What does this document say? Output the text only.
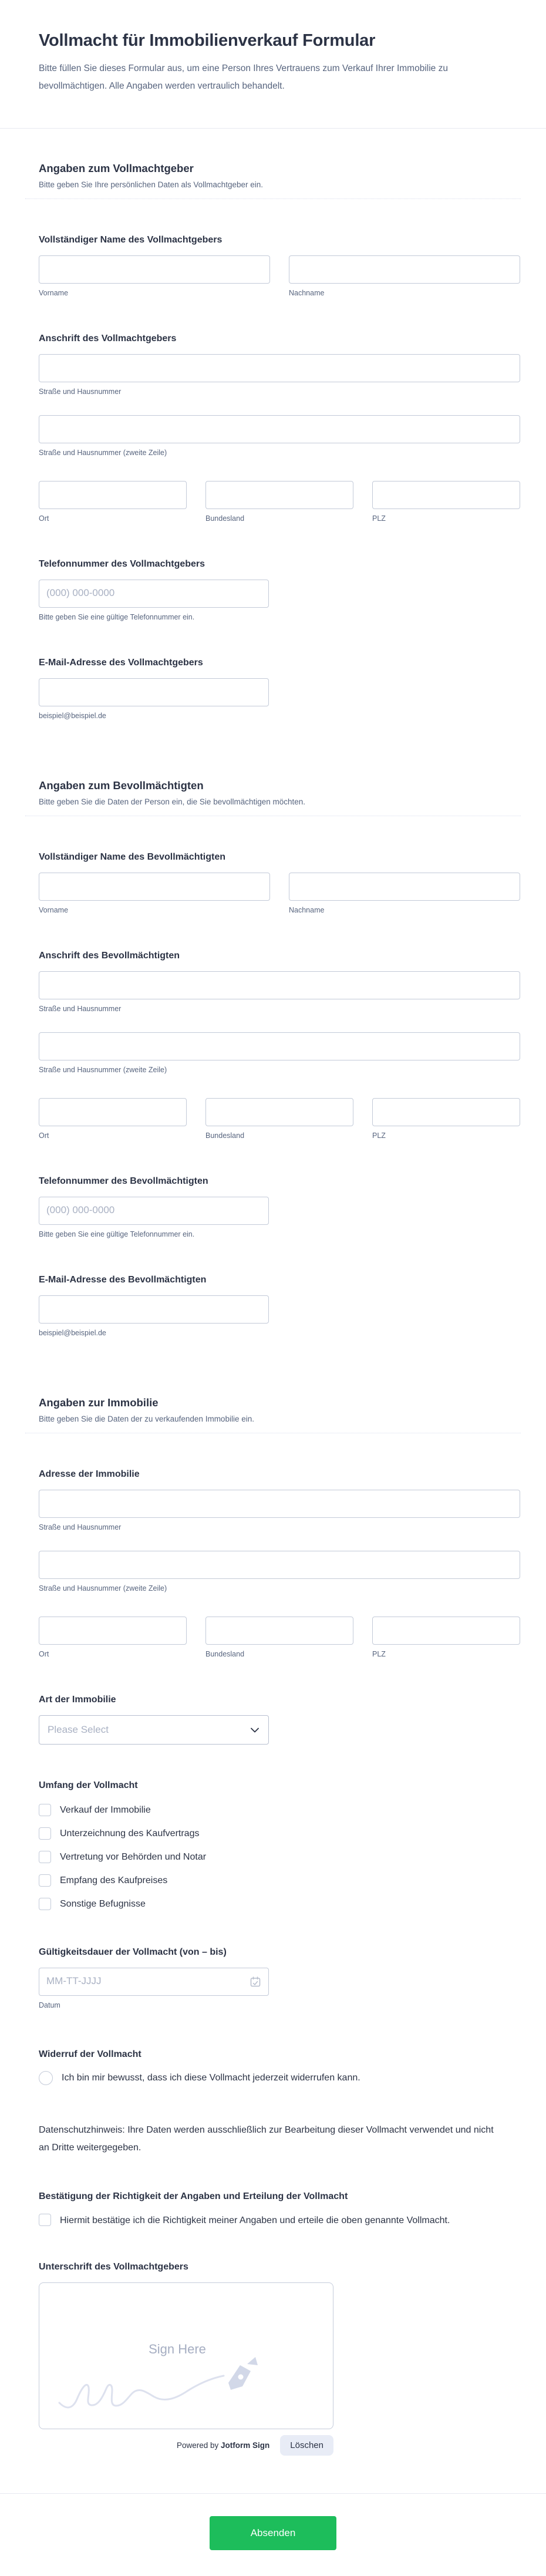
Vollmacht für Immobilienverkauf Formular
Bitte füllen Sie dieses Formular aus, um eine Person Ihres Vertrauens zum Verkauf Ihrer Immobilie zu bevollmächtigen. Alle Angaben werden vertraulich behandelt.
Angaben zum Vollmachtgeber
Bitte geben Sie Ihre persönlichen Daten als Vollmachtgeber ein.
Vollständiger Name des Vollmachtgebers
Vorname	Nachname
Anschrift des Vollmachtgebers
Straße und Hausnummer
Straße und Hausnummer (zweite Zeile)
Ort	Bundesland	PLZ
Telefonnummer des Vollmachtgebers
(000) 000-0000
Bitte geben Sie eine gültige Telefonnummer ein.
E-Mail-Adresse des Vollmachtgebers
beispiel@beispiel.de
Angaben zum Bevollmächtigten
Bitte geben Sie die Daten der Person ein, die Sie bevollmächtigen möchten.
Vollständiger Name des Bevollmächtigten
Vorname	Nachname
Anschrift des Bevollmächtigten
Straße und Hausnummer
Straße und Hausnummer (zweite Zeile)
Ort	Bundesland	PLZ
Telefonnummer des Bevollmächtigten
(000) 000-0000
Bitte geben Sie eine gültige Telefonnummer ein.
E-Mail-Adresse des Bevollmächtigten
beispiel@beispiel.de
Angaben zur Immobilie
Bitte geben Sie die Daten der zu verkaufenden Immobilie ein.
Adresse der Immobilie
Straße und Hausnummer
Straße und Hausnummer (zweite Zeile)
Ort	Bundesland	PLZ
Art der Immobilie
Please Select
Umfang der Vollmacht
Verkauf der Immobilie
Unterzeichnung des Kaufvertrags
Vertretung vor Behörden und Notar
Empfang des Kaufpreises
Sonstige Befugnisse
Gültigkeitsdauer der Vollmacht (von – bis)
MM-TT-JJJJ
Datum
Widerruf der Vollmacht
Ich bin mir bewusst, dass ich diese Vollmacht jederzeit widerrufen kann.
Datenschutzhinweis: Ihre Daten werden ausschließlich zur Bearbeitung dieser Vollmacht verwendet und nicht an Dritte weitergegeben.
Bestätigung der Richtigkeit der Angaben und Erteilung der Vollmacht
Hiermit bestätige ich die Richtigkeit meiner Angaben und erteile die oben genannte Vollmacht.
Unterschrift des Vollmachtgebers
Sign Here
Powered by Jotform Sign	Löschen
Absenden
